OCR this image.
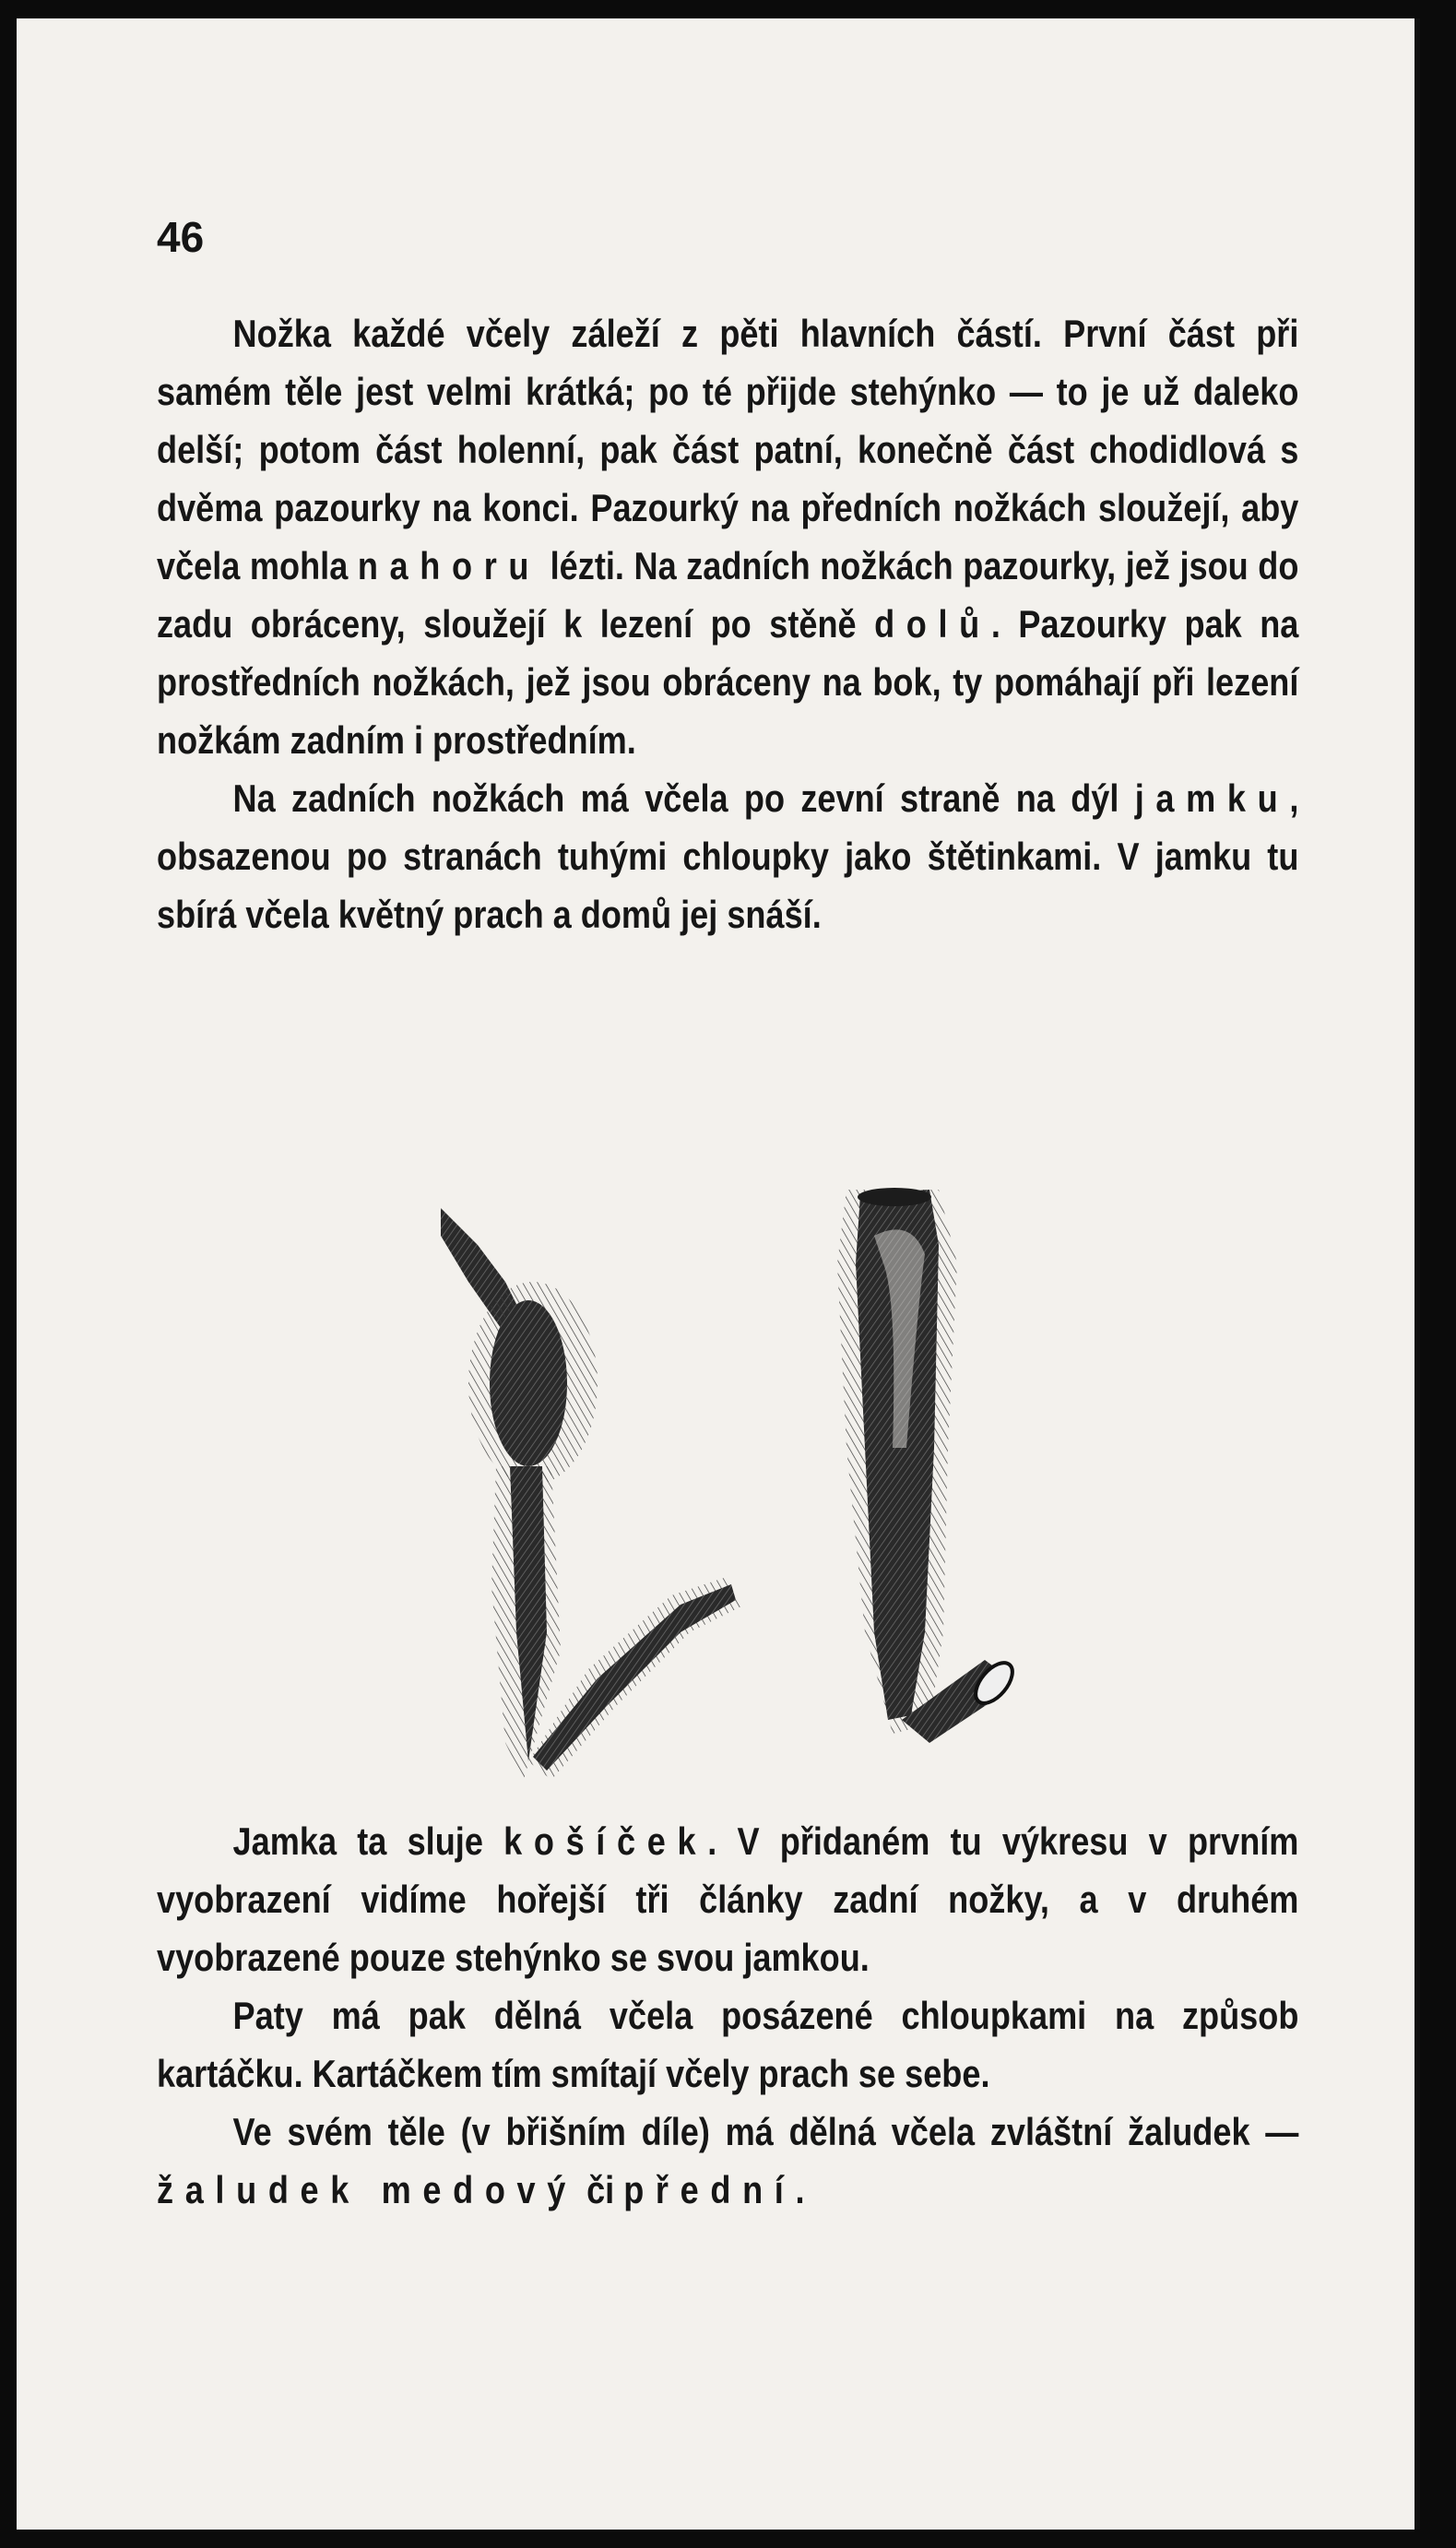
46

Nožka každé včely záleží z pěti hlavních částí. První část při samém těle jest velmi krátká; po té přijde stehýnko — to je už daleko delší; potom část holenní, pak část patní, konečně část chodidlová s dvěma pazourky na konci. Pazourký na předních nožkách sloužejí, aby včela mohla nahoru lézti. Na zadních nožkách pazourky, jež jsou do zadu obráceny, sloužejí k lezení po stěně dolů. Pazourky pak na prostředních nožkách, jež jsou obráceny na bok, ty pomáhají při lezení nožkám zadním i prostředním.

Na zadních nožkách má včela po zevní straně na dýl jamku, obsazenou po stranách tuhými chloupky jako štětinkami. V jamku tu sbírá včela květný prach a domů jej snáší.

Jamka ta sluje košíček. V přidaném tu výkresu v prvním vyobrazení vidíme hořejší tři články zadní nožky, a v druhém vyobrazené pouze stehýnko se svou jamkou.

Paty má pak dělná včela posázené chloupkami na způsob kartáčku. Kartáčkem tím smítají včely prach se sebe.

Ve svém těle (v břišním díle) má dělná včela zvláštní žaludek — žaludek medový či přední.
